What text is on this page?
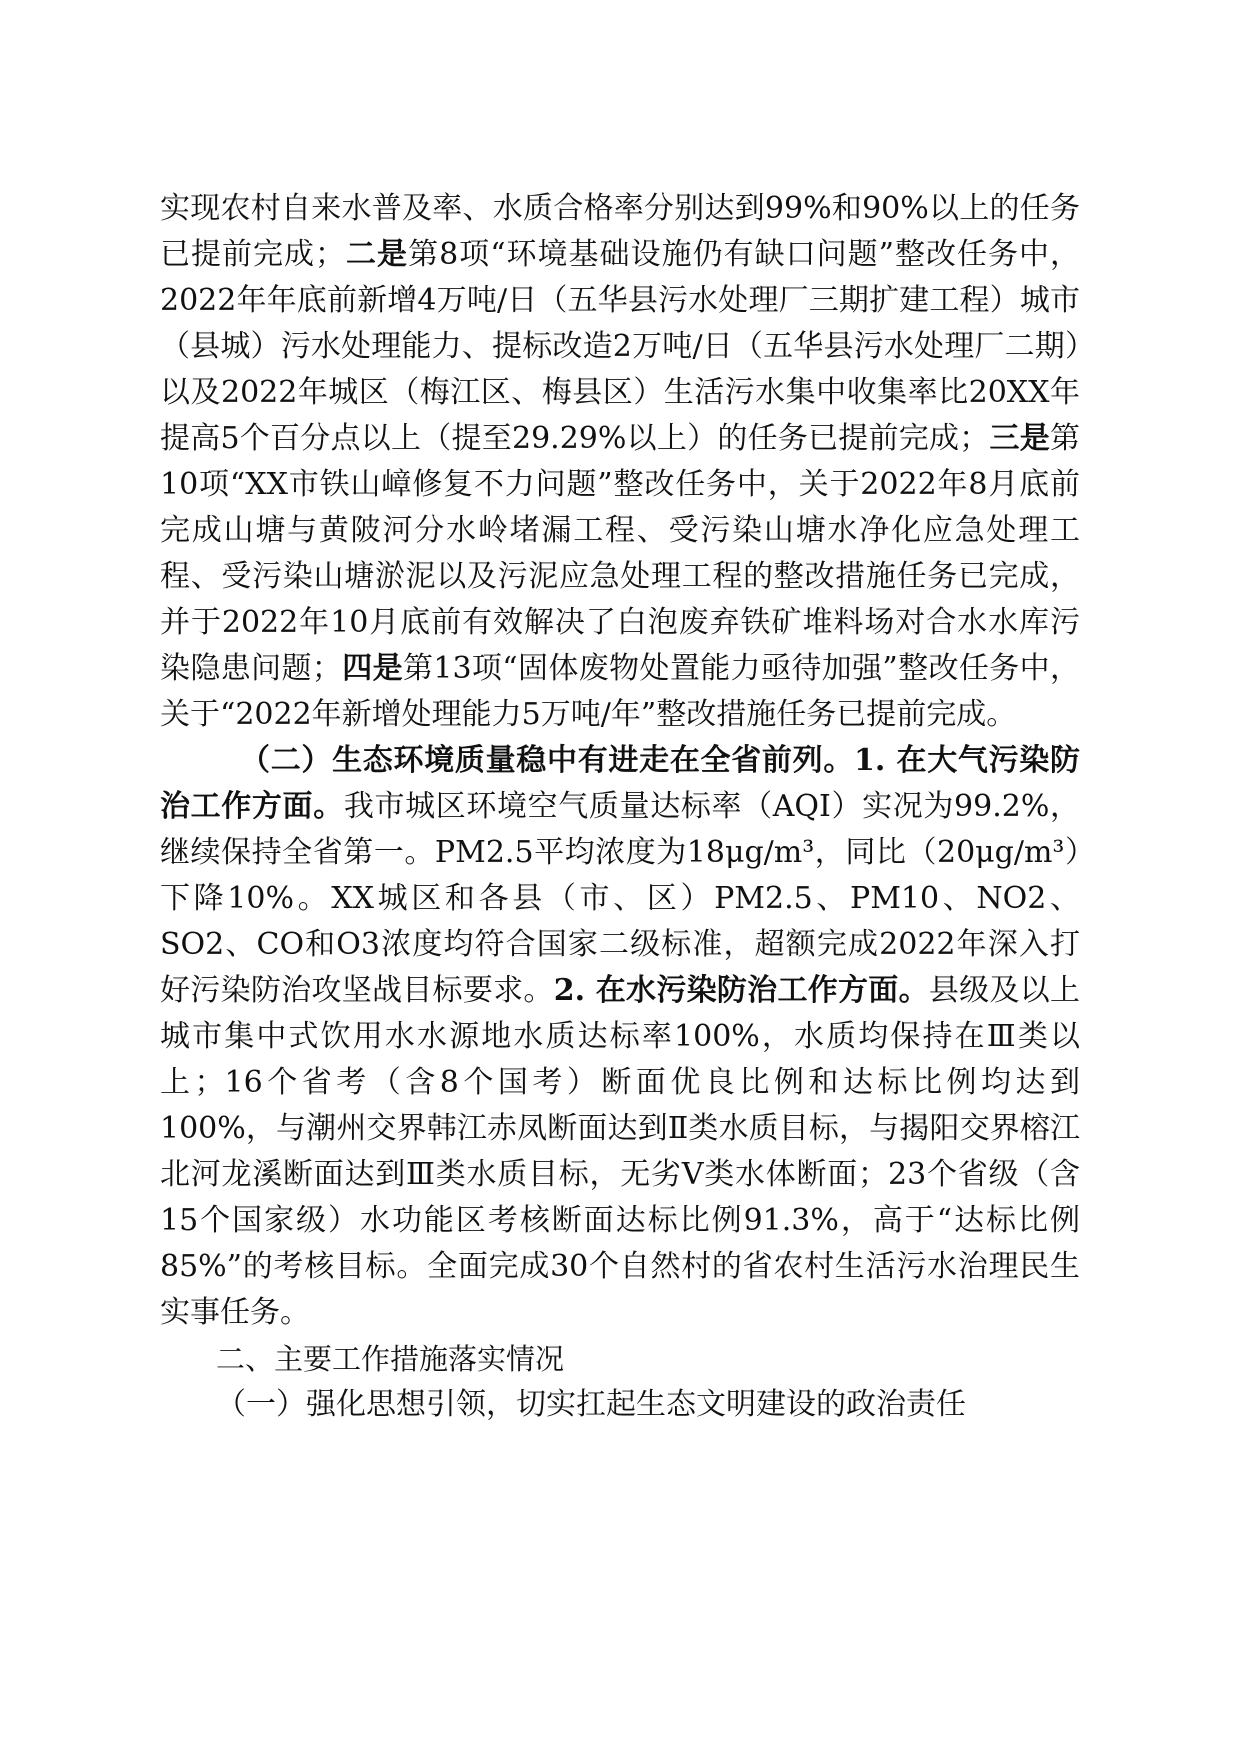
实现农村自来水普及率、水质合格率分别达到99%和90%以上的任务已提前完成；二是第8项“环境基础设施仍有缺口问题”整改任务中，2022年年底前新增4万吨/日（五华县污水处理厂三期扩建工程）城市（县城）污水处理能力、提标改造2万吨/日（五华县污水处理厂二期）以及2022年城区（梅江区、梅县区）生活污水集中收集率比20XX年提高5个百分点以上（提至29.29%以上）的任务已提前完成；三是第10项“XX市铁山嶂修复不力问题”整改任务中，关于2022年8月底前完成山塘与黄陂河分水岭堵漏工程、受污染山塘水净化应急处理工程、受污染山塘淤泥以及污泥应急处理工程的整改措施任务已完成，并于2022年10月底前有效解决了白泡废弃铁矿堆料场对合水水库污染隐患问题；四是第13项“固体废物处置能力亟待加强”整改任务中，关于“2022年新增处理能力5万吨/年”整改措施任务已提前完成。

（二）生态环境质量稳中有进走在全省前列。1. 在大气污染防治工作方面。我市城区环境空气质量达标率（AQI）实况为99.2%，继续保持全省第一。PM2.5平均浓度为18μg/m³，同比（20μg/m³）下降10%。XX城区和各县（市、区）PM2.5、PM10、NO2、SO2、CO和O3浓度均符合国家二级标准，超额完成2022年深入打好污染防治攻坚战目标要求。2. 在水污染防治工作方面。县级及以上城市集中式饮用水水源地水质达标率100%，水质均保持在Ⅲ类以上；16个省考（含8个国考）断面优良比例和达标比例均达到100%，与潮州交界韩江赤凤断面达到Ⅱ类水质目标，与揭阳交界榕江北河龙溪断面达到Ⅲ类水质目标，无劣Ⅴ类水体断面；23个省级（含15个国家级）水功能区考核断面达标比例91.3%，高于“达标比例85%”的考核目标。全面完成30个自然村的省农村生活污水治理民生实事任务。

二、主要工作措施落实情况

（一）强化思想引领，切实扛起生态文明建设的政治责任
